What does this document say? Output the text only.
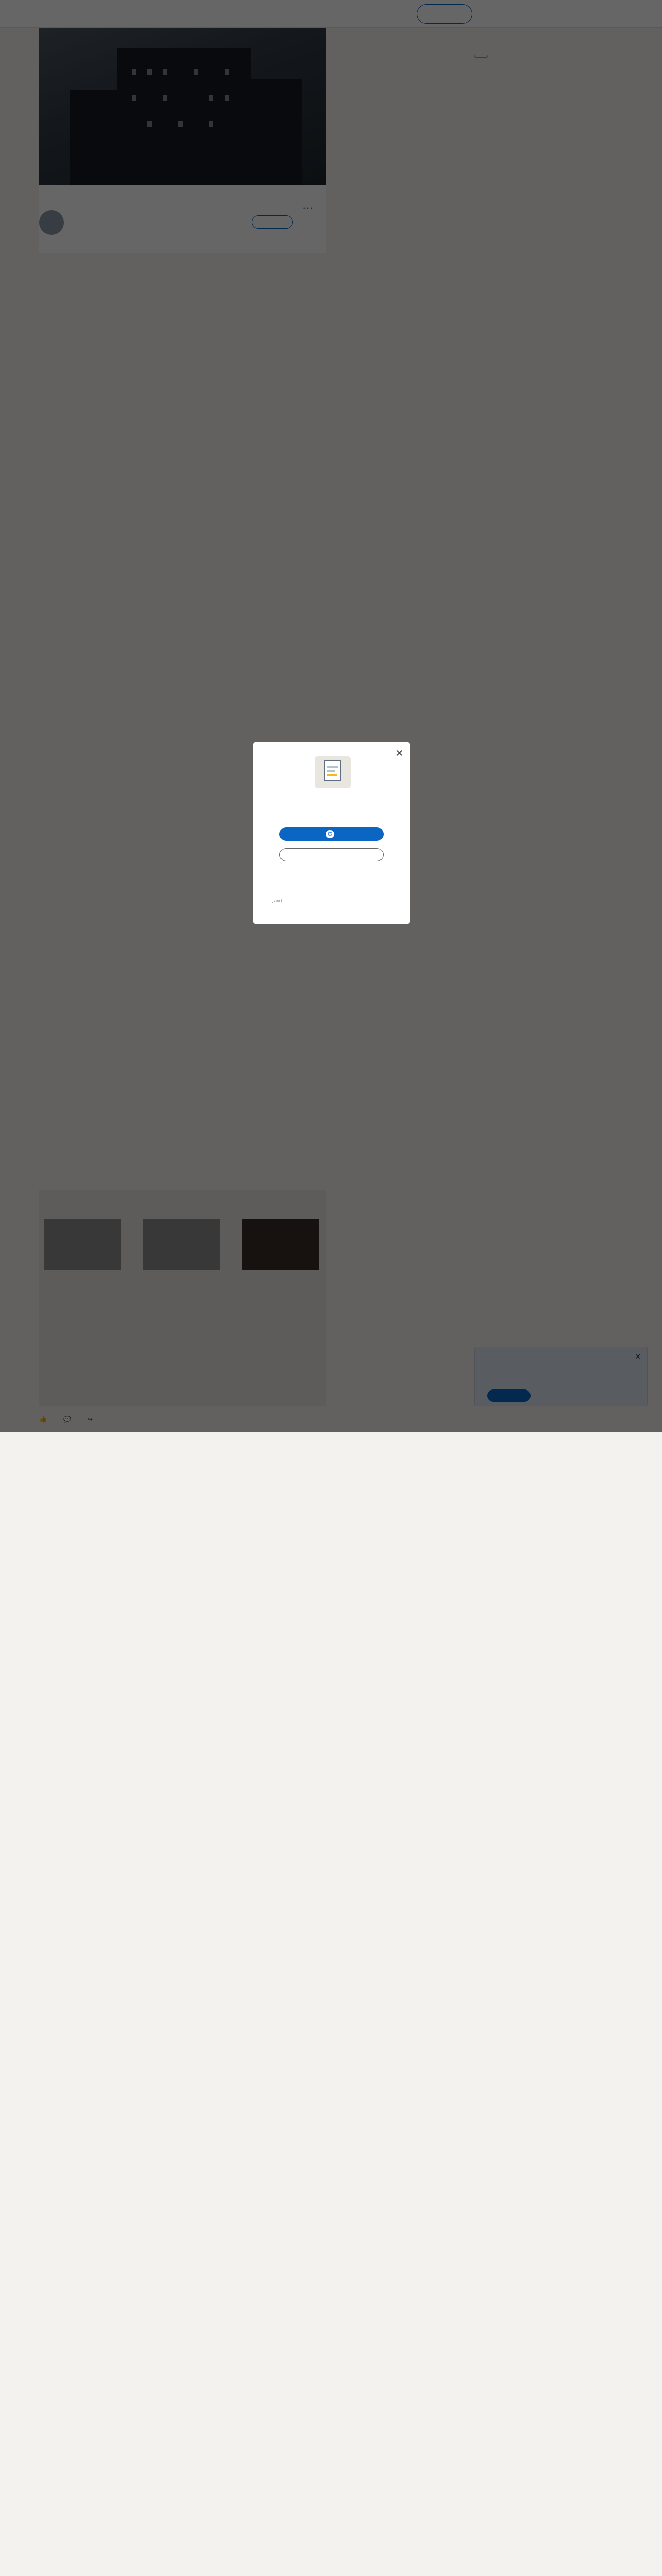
✕
G
, , and .
